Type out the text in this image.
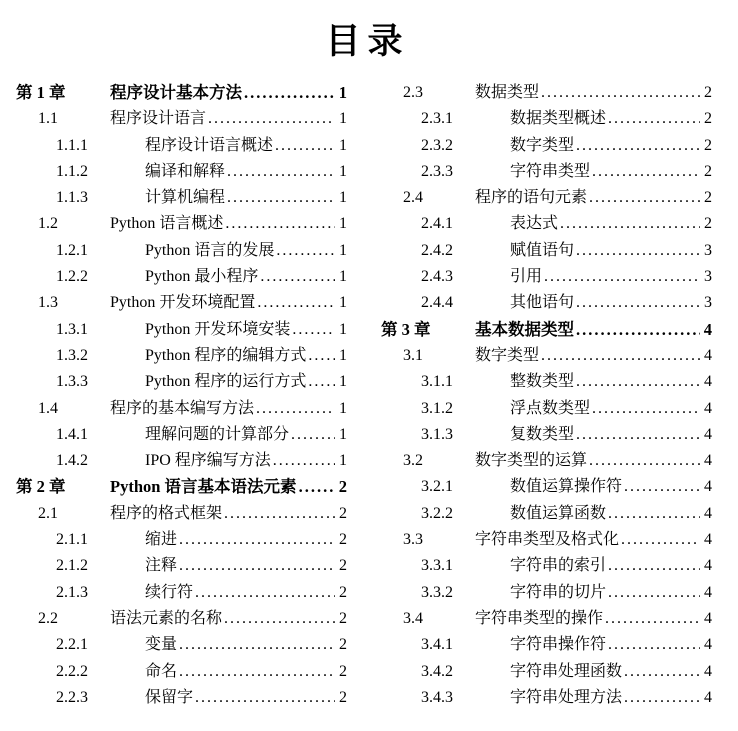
目录
第 1 章	程序设计基本方法 .....	1
1.1	程序设计语言 .....	1
1.1.1	程序设计语言概述 .....	1
1.1.2	编译和解释 .....	1
1.1.3	计算机编程 .....	1
1.2	Python 语言概述 .....	1
1.2.1	Python 语言的发展 .....	1
1.2.2	Python 最小程序 .....	1
1.3	Python 开发环境配置 .....	1
1.3.1	Python 开发环境安装 .....	1
1.3.2	Python 程序的编辑方式 ..... 1
1.3.3	Python 程序的运行方式 ..... 1
1.4	程序的基本编写方法 .....	1
1.4.1	理解问题的计算部分 .....	1
1.4.2	IPO 程序编写方法 .....	1
第 2 章	Python 语言基本语法元素 .....	2
2.1	程序的格式框架 .....	2
2.1.1	缩进 .....	2
2.1.2	注释 .....	2
2.1.3	续行符 .....	2
2.2	语法元素的名称 .....	2
2.2.1	变量 .....	2
2.2.2	命名 .....	2
2.2.3	保留字 .....	2
2.3	数据类型 .....	2
2.3.1	数据类型概述 .....	2
2.3.2	数字类型 .....	2
2.3.3	字符串类型 .....	2
2.4	程序的语句元素 .....	2
2.4.1	表达式 .....	2
2.4.2	赋值语句 .....	3
2.4.3	引用 .....	3
2.4.4	其他语句 .....	3
第 3 章	基本数据类型 .....	4
3.1	数字类型 .....	4
3.1.1	整数类型 .....	4
3.1.2	浮点数类型 .....	4
3.1.3	复数类型 .....	4
3.2	数字类型的运算 .....	4
3.2.1	数值运算操作符 .....	4
3.2.2	数值运算函数 .....	4
3.3	字符串类型及格式化 .....	4
3.3.1	字符串的索引 .....	4
3.3.2	字符串的切片 .....	4
3.4	字符串类型的操作 .....	4
3.4.1	字符串操作符 .....	4
3.4.2	字符串处理函数 .....	4
3.4.3	字符串处理方法 .....	4
